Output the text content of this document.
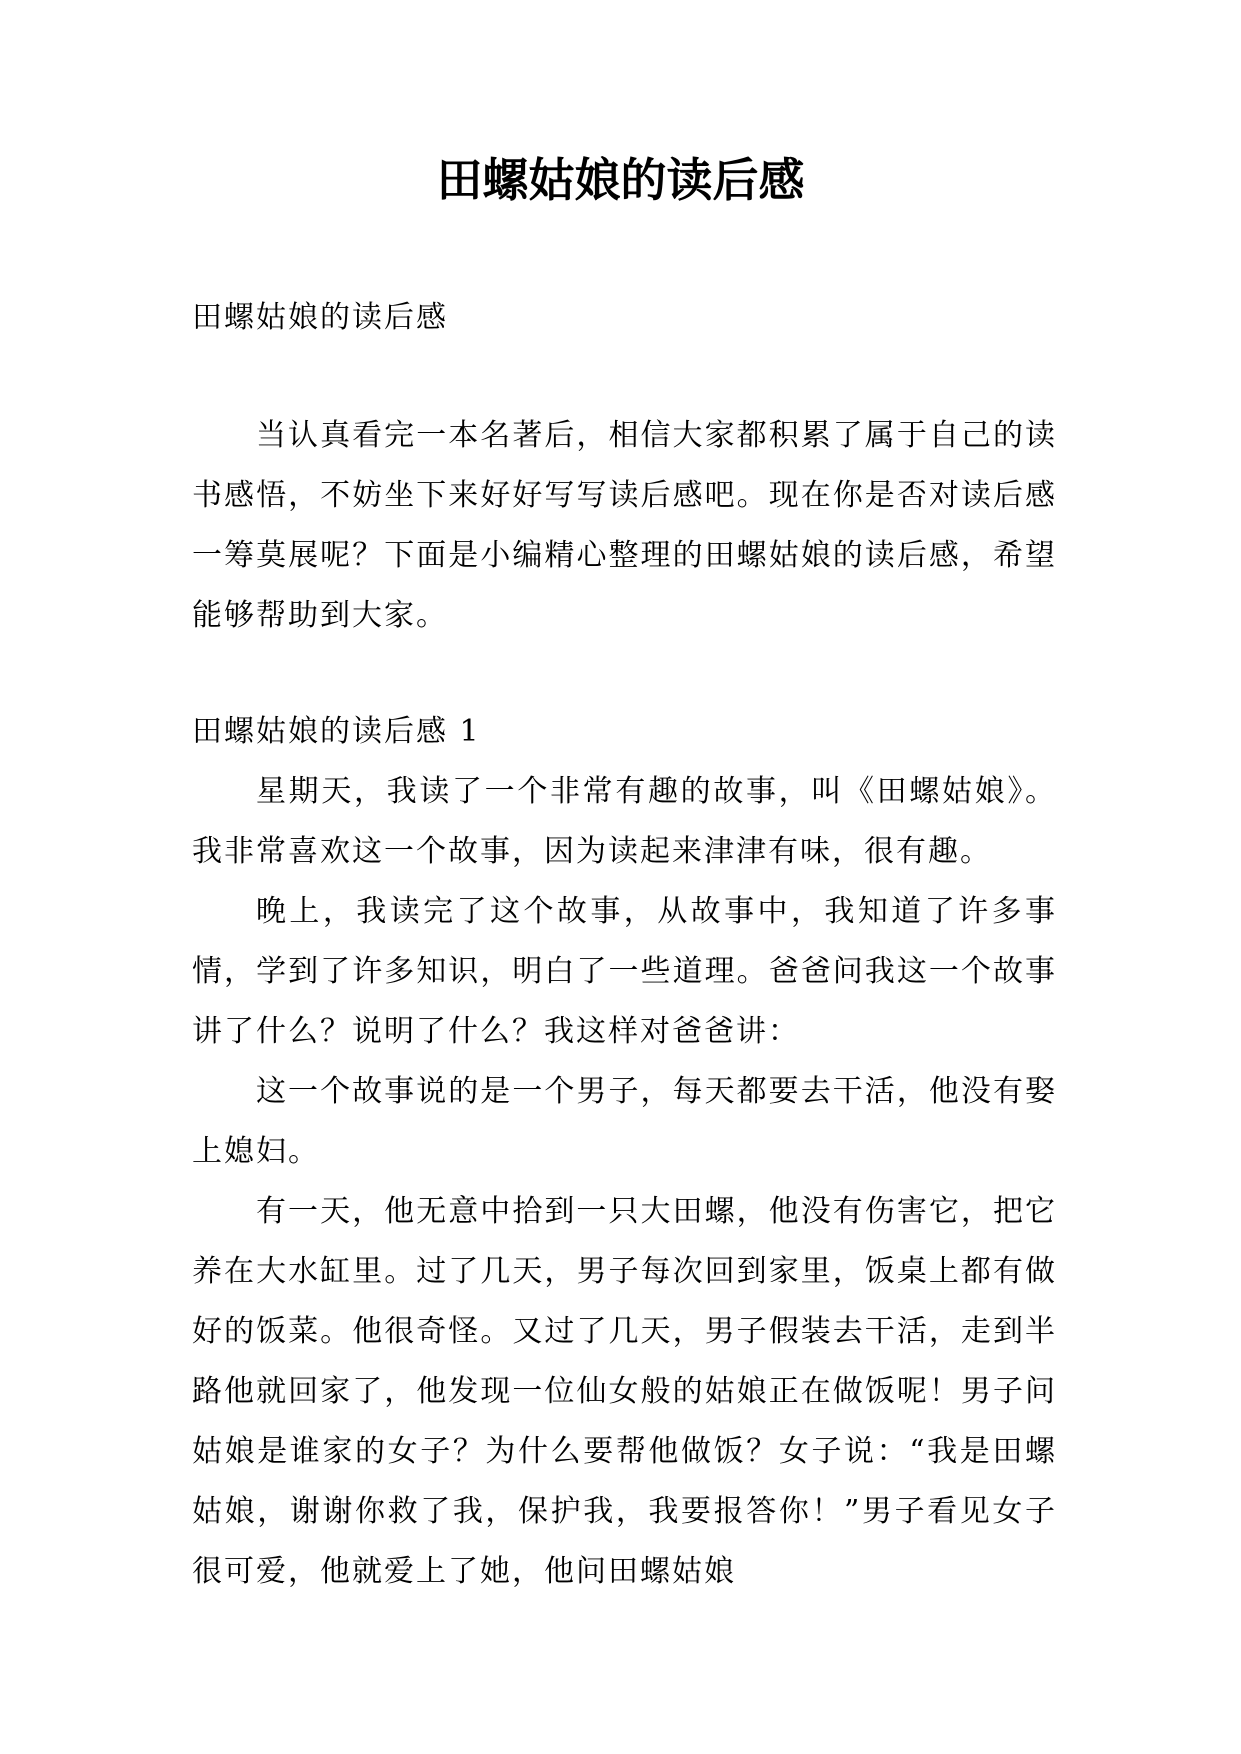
田螺姑娘的读后感

田螺姑娘的读后感

当认真看完一本名著后，相信大家都积累了属于自己的读书感悟，不妨坐下来好好写写读后感吧。现在你是否对读后感一筹莫展呢？下面是小编精心整理的田螺姑娘的读后感，希望能够帮助到大家。

田螺姑娘的读后感 1

星期天，我读了一个非常有趣的故事，叫《田螺姑娘》。我非常喜欢这一个故事，因为读起来津津有味，很有趣。

晚上，我读完了这个故事，从故事中，我知道了许多事情，学到了许多知识，明白了一些道理。爸爸问我这一个故事讲了什么？说明了什么？我这样对爸爸讲：

这一个故事说的是一个男子，每天都要去干活，他没有娶上媳妇。

有一天，他无意中拾到一只大田螺，他没有伤害它，把它养在大水缸里。过了几天，男子每次回到家里，饭桌上都有做好的饭菜。他很奇怪。又过了几天，男子假装去干活，走到半路他就回家了，他发现一位仙女般的姑娘正在做饭呢！男子问姑娘是谁家的女子？为什么要帮他做饭？女子说：“我是田螺姑娘，谢谢你救了我，保护我，我要报答你！”男子看见女子很可爱，他就爱上了她，他问田螺姑娘
